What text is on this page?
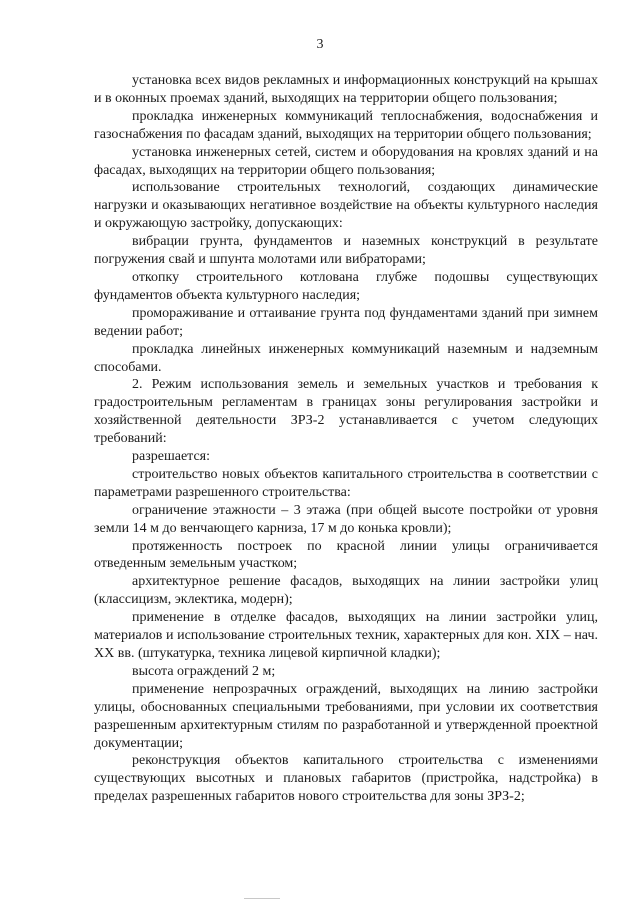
3

установка всех видов рекламных и информационных конструкций на крышах и в оконных проемах зданий, выходящих на территории общего пользования;

прокладка инженерных коммуникаций теплоснабжения, водоснабжения и газоснабжения по фасадам зданий, выходящих на территории общего пользования;

установка инженерных сетей, систем и оборудования на кровлях зданий и на фасадах, выходящих на территории общего пользования;

использование строительных технологий, создающих динамические нагрузки и оказывающих негативное воздействие на объекты культурного наследия и окружающую застройку, допускающих:

вибрации грунта, фундаментов и наземных конструкций в результате погружения свай и шпунта молотами или вибраторами;

откопку строительного котлована глубже подошвы существующих фундаментов объекта культурного наследия;

промораживание и оттаивание грунта под фундаментами зданий при зимнем ведении работ;

прокладка линейных инженерных коммуникаций наземным и надземным способами.

2. Режим использования земель и земельных участков и требования к градостроительным регламентам в границах зоны регулирования застройки и хозяйственной деятельности ЗРЗ-2 устанавливается с учетом следующих требований:

разрешается:

строительство новых объектов капитального строительства в соответствии с параметрами разрешенного строительства:

ограничение этажности – 3 этажа (при общей высоте постройки от уровня земли 14 м до венчающего карниза, 17 м до конька кровли);

протяженность построек по красной линии улицы ограничивается отведенным земельным участком;

архитектурное решение фасадов, выходящих на линии застройки улиц (классицизм, эклектика, модерн);

применение в отделке фасадов, выходящих на линии застройки улиц, материалов и использование строительных техник, характерных для кон. XIX – нач. XX вв. (штукатурка, техника лицевой кирпичной кладки);

высота ограждений 2 м;

применение непрозрачных ограждений, выходящих на линию застройки улицы, обоснованных специальными требованиями, при условии их соответствия разрешенным архитектурным стилям по разработанной и утвержденной проектной документации;

реконструкция объектов капитального строительства с изменениями существующих высотных и плановых габаритов (пристройка, надстройка) в пределах разрешенных габаритов нового строительства для зоны ЗРЗ-2;
